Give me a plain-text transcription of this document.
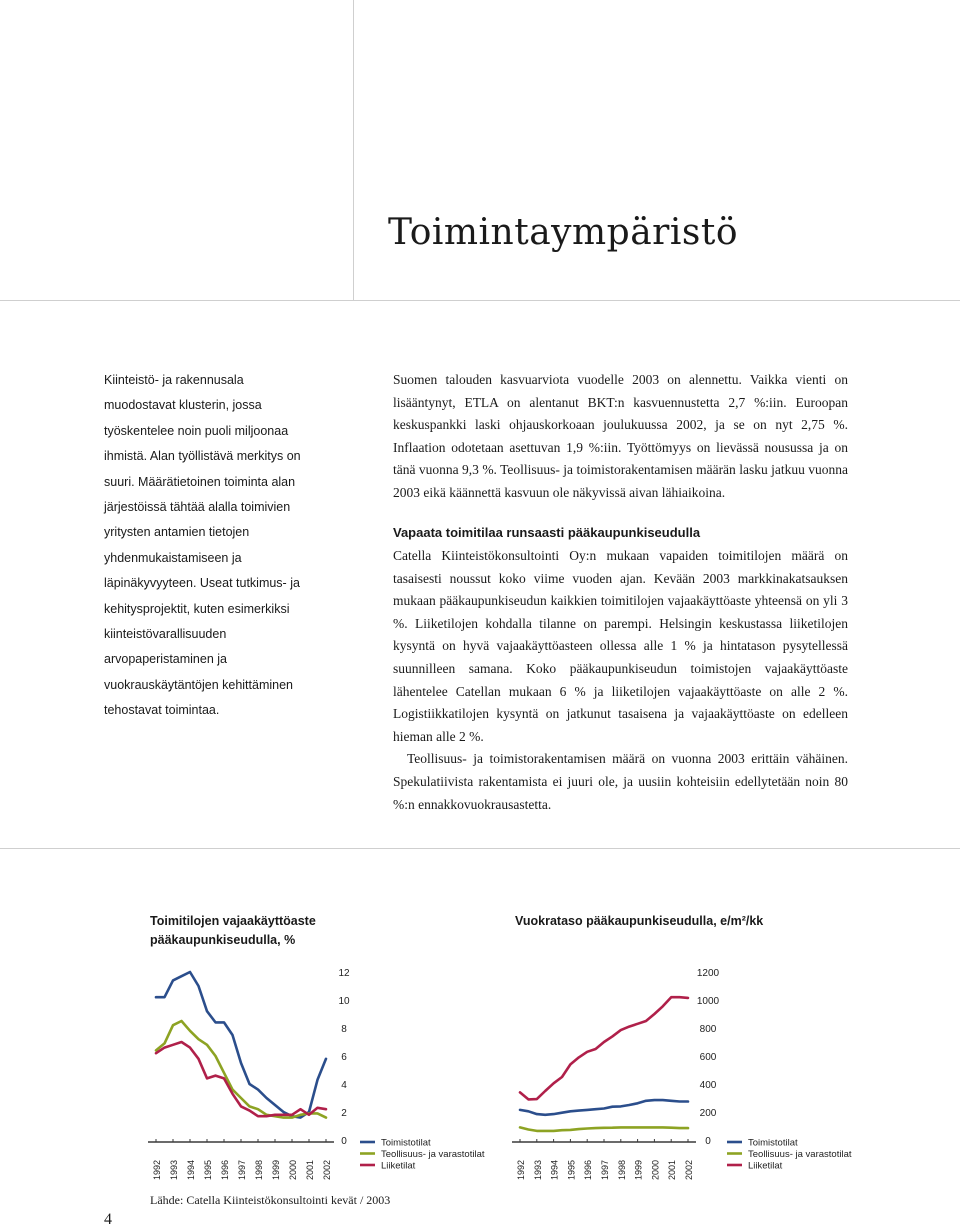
Toimintaympäristö

Kiinteistö- ja rakennusala muodostavat klusterin, jossa työskentelee noin puoli miljoonaa ihmistä. Alan työllistävä merkitys on suuri. Määrätietoinen toiminta alan järjestöissä tähtää alalla toimivien yritysten antamien tietojen yhdenmukaistamiseen ja läpinäkyvyyteen. Useat tutkimus- ja kehitysprojektit, kuten esimerkiksi kiinteistövarallisuuden arvopaperistaminen ja vuokrauskäytäntöjen kehittäminen tehostavat toimintaa.

Suomen talouden kasvuarviota vuodelle 2003 on alennettu. Vaikka vienti on lisääntynyt, ETLA on alentanut BKT:n kasvuennustetta 2,7 %:iin. Euroopan keskuspankki laski ohjauskorkoaan joulukuussa 2002, ja se on nyt 2,75 %. Inflaation odotetaan asettuvan 1,9 %:iin. Työttömyys on lievässä nousussa ja on tänä vuonna 9,3 %. Teollisuus- ja toimistorakentamisen määrän lasku jatkuu vuonna 2003 eikä käännettä kasvuun ole näkyvissä aivan lähiaikoina.

Vapaata toimitilaa runsaasti pääkaupunkiseudulla

Catella Kiinteistökonsultointi Oy:n mukaan vapaiden toimitilojen määrä on tasaisesti noussut koko viime vuoden ajan. Kevään 2003 markkinakatsauksen mukaan pääkaupunkiseudun kaikkien toimitilojen vajaakäyttöaste yhteensä on yli 3 %. Liiketilojen kohdalla tilanne on parempi. Helsingin keskustassa liiketilojen kysyntä on hyvä vajaakäyttöasteen ollessa alle 1 % ja hintatason pysytellessä suunnilleen samana. Koko pääkaupunkiseudun toimistojen vajaakäyttöaste lähentelee Catellan mukaan 6 % ja liiketilojen vajaakäyttöaste on alle 2 %. Logistiikkatilojen kysyntä on jatkunut tasaisena ja vajaakäyttöaste on edelleen hieman alle 2 %.

Teollisuus- ja toimistorakentamisen määrä on vuonna 2003 erittäin vähäinen. Spekulatiivista rakentamista ei juuri ole, ja uusiin kohteisiin edellytetään noin 80 %:n ennakkovuokrausastetta.

Toimitilojen vajaakäyttöaste pääkaupunkiseudulla, %

Vuokrataso pääkaupunkiseudulla, e/m²/kk

1992 1993 1994 1995 1996 1997 1998 1999 2000 2001 2002
12
10
8
6
4
2
0	Toimistotilat
Teollisuus- ja varastotilat
Liiketilat	1992 1993 1994 1995 1996 1997 1998 1999 2000 2001 2002
1200
1000
800
600
400
200
0	Toimistotilat
Teollisuus- ja varastotilat
Liiketilat

Lähde: Catella Kiinteistökonsultointi kevät / 2003

4
